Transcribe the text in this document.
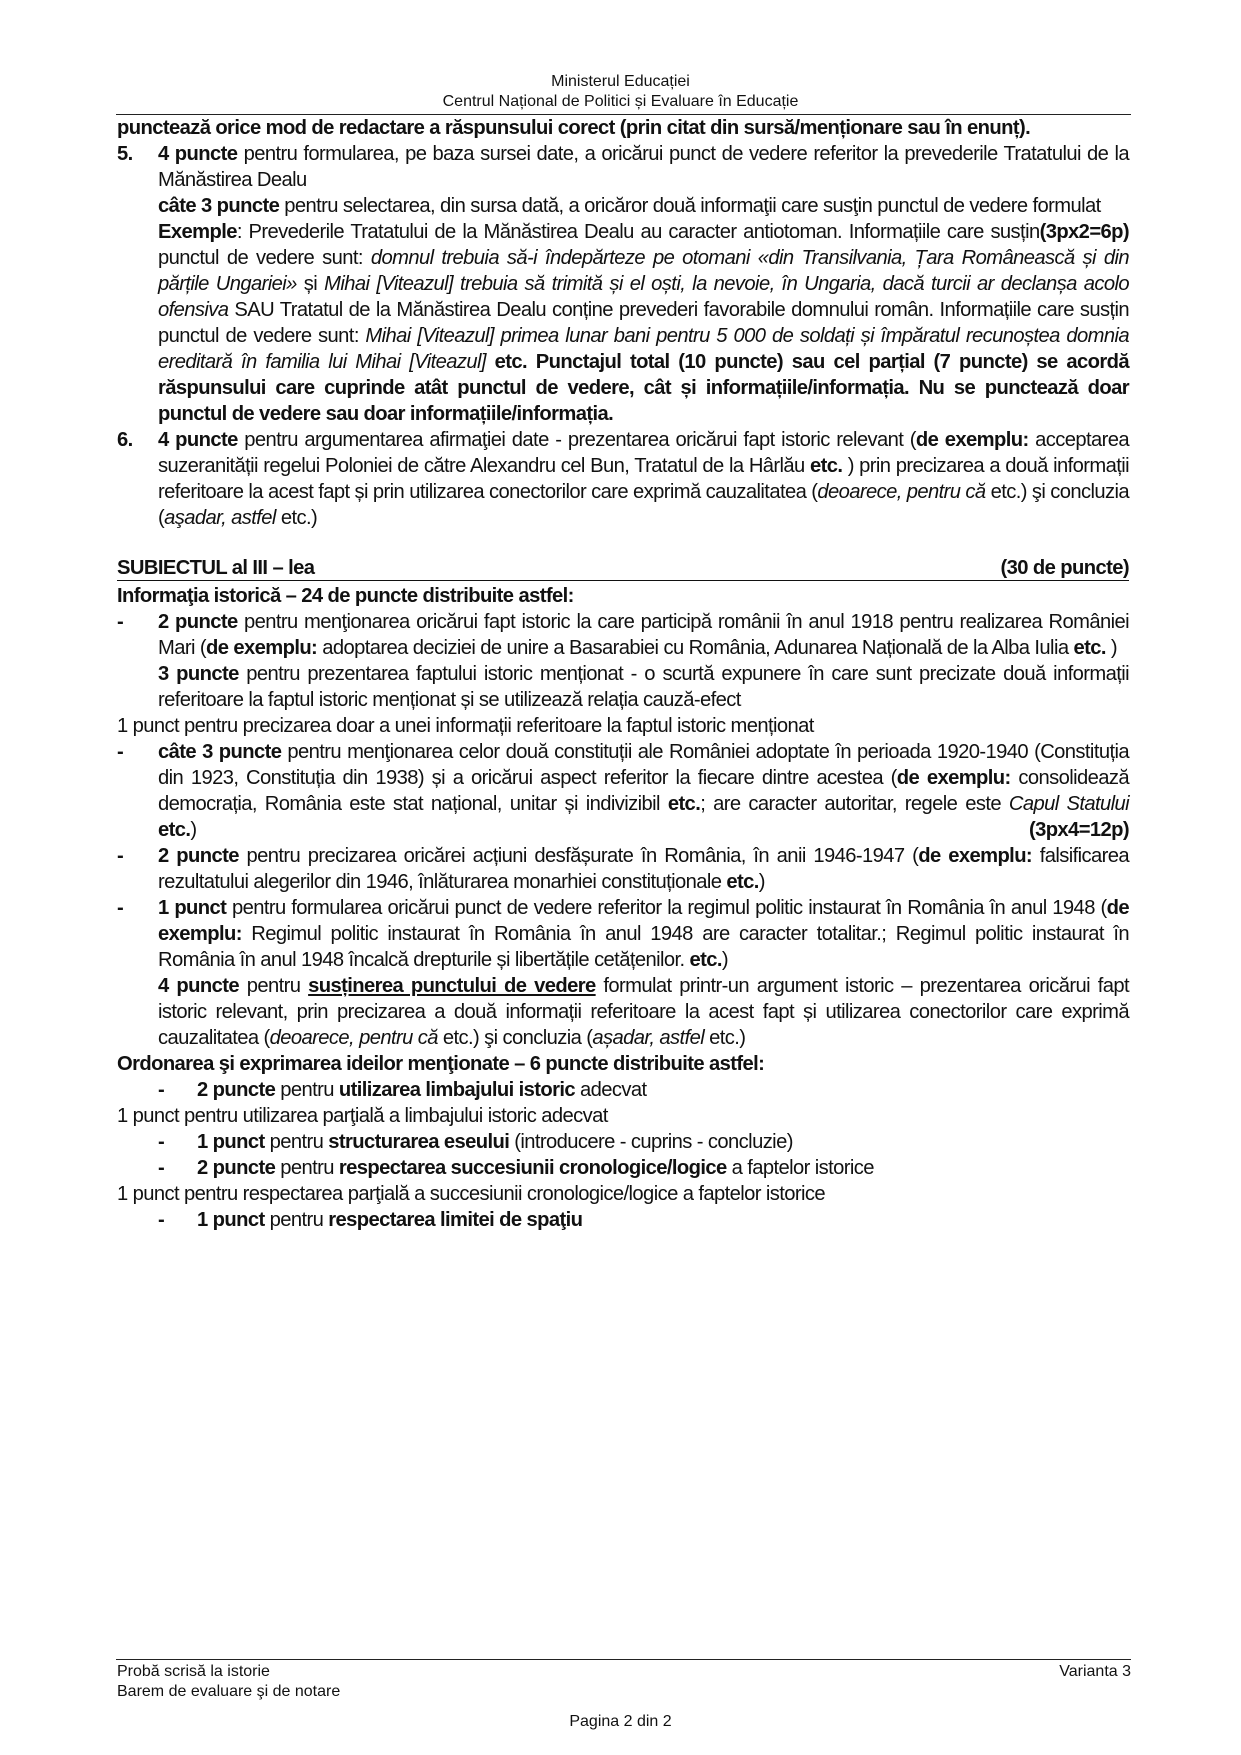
Ministerul Educației
Centrul Național de Politici și Evaluare în Educație

punctează orice mod de redactare a răspunsului corect (prin citat din sursă/menționare sau în enunț).

5.	4 puncte pentru formularea, pe baza sursei date, a oricărui punct de vedere referitor la prevederile Tratatului de la Mănăstirea Dealu

câte 3 puncte pentru selectarea, din sursa dată, a oricăror două informaţii care susţin punctul de vedere formulat
(3px2=6p)

Exemple: Prevederile Tratatului de la Mănăstirea Dealu au caracter antiotoman. Informațiile care susțin punctul de vedere sunt: domnul trebuia să-i îndepărteze pe otomani «din Transilvania, Țara Românească și din părțile Ungariei» și Mihai [Viteazul] trebuia să trimită și el oști, la nevoie, în Ungaria, dacă turcii ar declanșa acolo ofensiva SAU Tratatul de la Mănăstirea Dealu conține prevederi favorabile domnului român. Informațiile care susțin punctul de vedere sunt: Mihai [Viteazul] primea lunar bani pentru 5 000 de soldați și împăratul recunoștea domnia ereditară în familia lui Mihai [Viteazul] etc. Punctajul total (10 puncte) sau cel parțial (7 puncte) se acordă răspunsului care cuprinde atât punctul de vedere, cât și informațiile/informația. Nu se punctează doar punctul de vedere sau doar informațiile/informația.

6.	4 puncte pentru argumentarea afirmaţiei date - prezentarea oricărui fapt istoric relevant (de exemplu: acceptarea suzeranității regelui Poloniei de către Alexandru cel Bun, Tratatul de la Hârlău etc. ) prin precizarea a două informații referitoare la acest fapt și prin utilizarea conectorilor care exprimă cauzalitatea (deoarece, pentru că etc.) şi concluzia (aşadar, astfel etc.)

SUBIECTUL al III – lea	(30 de puncte)

Informaţia istorică – 24 de puncte distribuite astfel:

-	2 puncte pentru menţionarea oricărui fapt istoric la care participă românii în anul 1918 pentru realizarea României Mari (de exemplu: adoptarea deciziei de unire a Basarabiei cu România, Adunarea Națională de la Alba Iulia etc. )

3 puncte pentru prezentarea faptului istoric menționat - o scurtă expunere în care sunt precizate două informații referitoare la faptul istoric menționat și se utilizează relația cauză-efect

1 punct pentru precizarea doar a unei informații referitoare la faptul istoric menționat

-	câte 3 puncte pentru menţionarea celor două constituții ale României adoptate în perioada 1920-1940 (Constituția din 1923, Constituția din 1938) și a oricărui aspect referitor la fiecare dintre acestea (de exemplu: consolidează democrația, România este stat național, unitar și indivizibil etc.; are caracter autoritar, regele este Capul Statului etc.)	(3px4=12p)

-	2 puncte pentru precizarea oricărei acțiuni desfășurate în România, în anii 1946-1947 (de exemplu: falsificarea rezultatului alegerilor din 1946, înlăturarea monarhiei constituționale etc.)

-	1 punct pentru formularea oricărui punct de vedere referitor la regimul politic instaurat în România în anul 1948 (de exemplu: Regimul politic instaurat în România în anul 1948 are caracter totalitar.; Regimul politic instaurat în România în anul 1948 încalcă drepturile și libertățile cetățenilor. etc.)

4 puncte pentru susținerea punctului de vedere formulat printr-un argument istoric – prezentarea oricărui fapt istoric relevant, prin precizarea a două informații referitoare la acest fapt și utilizarea conectorilor care exprimă cauzalitatea (deoarece, pentru că etc.) şi concluzia (așadar, astfel etc.)

Ordonarea şi exprimarea ideilor menţionate – 6 puncte distribuite astfel:

-	2 puncte pentru utilizarea limbajului istoric adecvat

1 punct pentru utilizarea parţială a limbajului istoric adecvat

-	1 punct pentru structurarea eseului (introducere - cuprins - concluzie)

-	2 puncte pentru respectarea succesiunii cronologice/logice a faptelor istorice

1 punct pentru respectarea parţială a succesiunii cronologice/logice a faptelor istorice

-	1 punct pentru respectarea limitei de spaţiu

Probă scrisă la istorie
Barem de evaluare şi de notare
Varianta 3
Pagina 2 din 2
